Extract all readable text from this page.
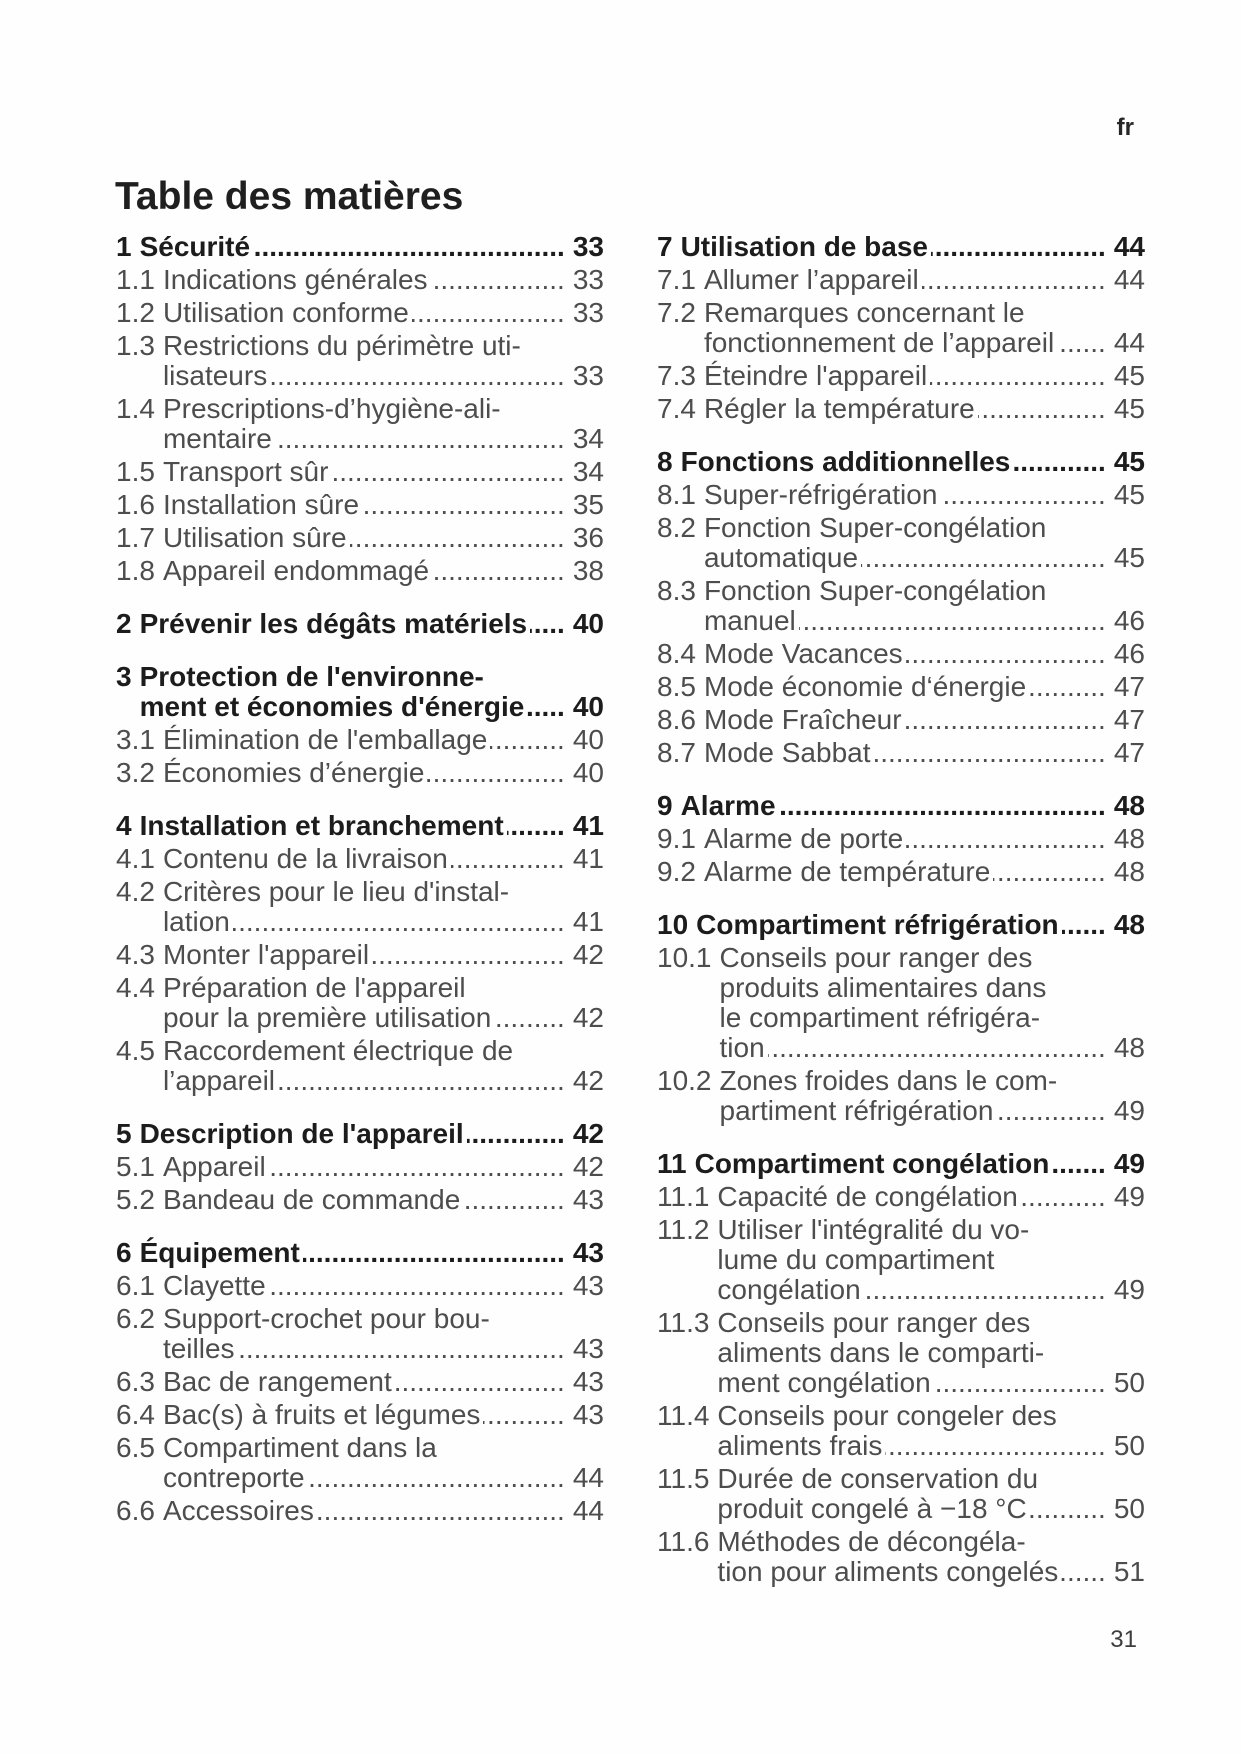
fr
Table des matières
1 Sécurité .....	33
1.1 Indications générales .....	33
1.2 Utilisation conforme .....	33
1.3 Restrictions du périmètre uti-
lisateurs .....	33
1.4 Prescriptions-d’hygiène-ali-
mentaire .....	34
1.5 Transport sûr .....	34
1.6 Installation sûre .....	35
1.7 Utilisation sûre .....	36
1.8 Appareil endommagé .....	38
2 Prévenir les dégâts matériels ..... 40
3 Protection de l'environne-
ment et économies d'énergie ..... 40
3.1 Élimination de l'emballage .....	40
3.2 Économies d’énergie .....	40
4 Installation et branchement ..... 41
4.1 Contenu de la livraison .....	41
4.2 Critères pour le lieu d'instal-
lation .....	41
4.3 Monter l'appareil .....	42
4.4 Préparation de l'appareil
pour la première utilisation .....	42
4.5 Raccordement électrique de
l’appareil .....	42
5 Description de l'appareil .....	42
5.1 Appareil .....	42
5.2 Bandeau de commande .....	43
6 Équipement .....	43
6.1 Clayette .....	43
6.2 Support-crochet pour bou-
teilles .....	43
6.3 Bac de rangement .....	43
6.4 Bac(s) à fruits et légumes .....	43
6.5 Compartiment dans la
contreporte .....	44
6.6 Accessoires .....	44
7 Utilisation de base .....	44
7.1 Allumer l’appareil .....	44
7.2 Remarques concernant le
fonctionnement de l’appareil ..... 44
7.3 Éteindre l'appareil .....	45
7.4 Régler la température .....	45
8 Fonctions additionnelles .....	45
8.1 Super-réfrigération .....	45
8.2 Fonction Super-congélation
automatique .....	45
8.3 Fonction Super-congélation
manuel .....	46
8.4 Mode Vacances .....	46
8.5 Mode économie d‘énergie .....	47
8.6 Mode Fraîcheur .....	47
8.7 Mode Sabbat .....	47
9 Alarme .....	48
9.1 Alarme de porte .....	48
9.2 Alarme de température .....	48
10 Compartiment réfrigération ..... 48
10.1 Conseils pour ranger des
produits alimentaires dans
le compartiment réfrigéra-
tion .....	48
10.2 Zones froides dans le com-
partiment réfrigération .....	49
11 Compartiment congélation ..... 49
11.1 Capacité de congélation .....	49
11.2 Utiliser l'intégralité du vo-
lume du compartiment
congélation .....	49
11.3 Conseils pour ranger des
aliments dans le comparti-
ment congélation .....	50
11.4 Conseils pour congeler des
aliments frais .....	50
11.5 Durée de conservation du
produit congelé à −18 °C .....	50
11.6 Méthodes de décongéla-
tion pour aliments congelés ..... 51
31
